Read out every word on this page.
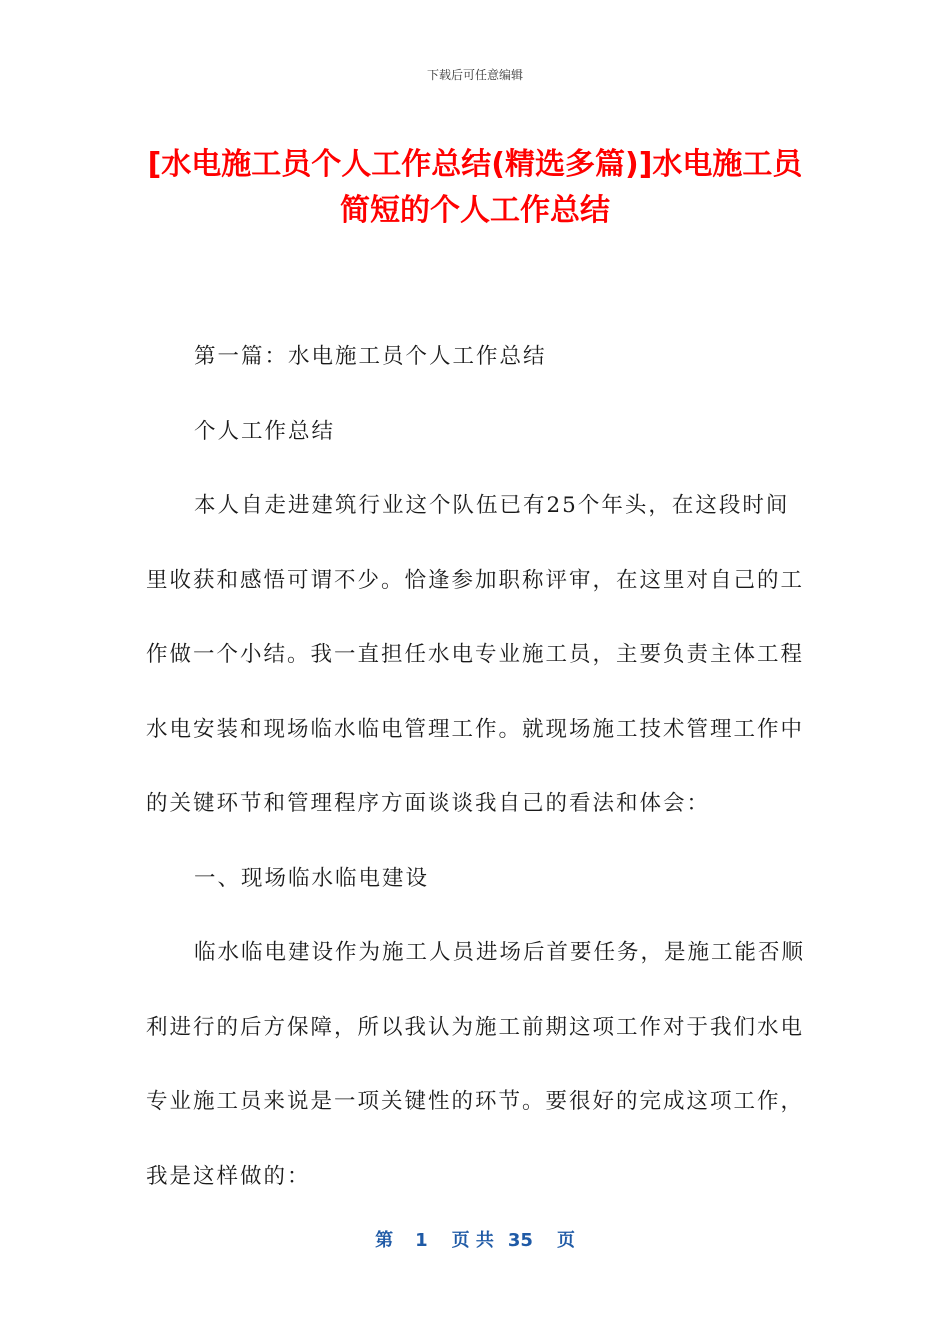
下载后可任意编辑
[水电施工员个人工作总结(精选多篇)]水电施工员简短的个人工作总结

第一篇：水电施工员个人工作总结

个人工作总结

本人自走进建筑行业这个队伍已有25个年头，在这段时间里收获和感悟可谓不少。恰逢参加职称评审，在这里对自己的工作做一个小结。我一直担任水电专业施工员，主要负责主体工程水电安装和现场临水临电管理工作。就现场施工技术管理工作中的关键环节和管理程序方面谈谈我自己的看法和体会：

一、现场临水临电建设

临水临电建设作为施工人员进场后首要任务，是施工能否顺利进行的后方保障，所以我认为施工前期这项工作对于我们水电专业施工员来说是一项关键性的环节。要很好的完成这项工作，我是这样做的：

第 1 页 共 35 页
